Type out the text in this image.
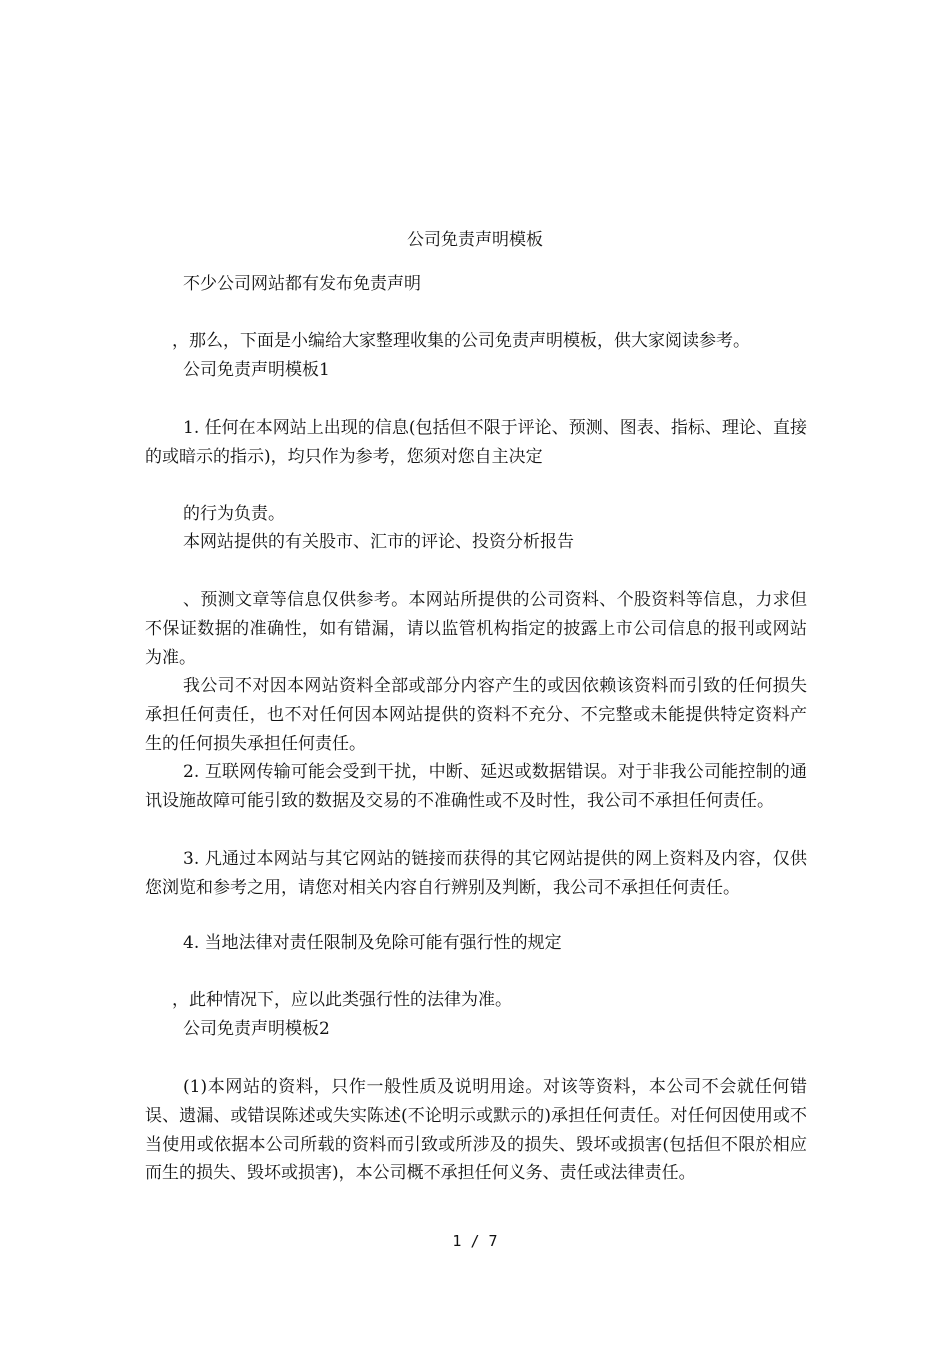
公司免责声明模板
不少公司网站都有发布免责声明
，那么，下面是小编给大家整理收集的公司免责声明模板，供大家阅读参考。
公司免责声明模板1
1. 任何在本网站上出现的信息(包括但不限于评论、预测、图表、指标、理论、直接的或暗示的指示)，均只作为参考，您须对您自主决定
的行为负责。
本网站提供的有关股市、汇市的评论、投资分析报告
、预测文章等信息仅供参考。本网站所提供的公司资料、个股资料等信息，力求但不保证数据的准确性，如有错漏，请以监管机构指定的披露上市公司信息的报刊或网站为准。
我公司不对因本网站资料全部或部分内容产生的或因依赖该资料而引致的任何损失承担任何责任，也不对任何因本网站提供的资料不充分、不完整或未能提供特定资料产生的任何损失承担任何责任。
2. 互联网传输可能会受到干扰，中断、延迟或数据错误。对于非我公司能控制的通讯设施故障可能引致的数据及交易的不准确性或不及时性，我公司不承担任何责任。
3. 凡通过本网站与其它网站的链接而获得的其它网站提供的网上资料及内容，仅供您浏览和参考之用，请您对相关内容自行辨别及判断，我公司不承担任何责任。
4. 当地法律对责任限制及免除可能有强行性的规定
，此种情况下，应以此类强行性的法律为准。
公司免责声明模板2
(1)本网站的资料，只作一般性质及说明用途。对该等资料，本公司不会就任何错误、遗漏、或错误陈述或失实陈述(不论明示或默示的)承担任何责任。对任何因使用或不当使用或依据本公司所载的资料而引致或所涉及的损失、毁坏或损害(包括但不限於相应而生的损失、毁坏或损害)，本公司概不承担任何义务、责任或法律责任。
1 / 7
